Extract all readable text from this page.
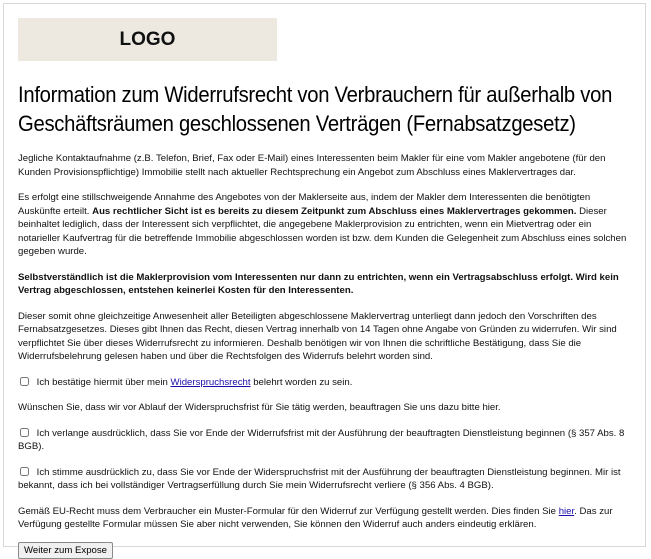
LOGO
Information zum Widerrufsrecht von Verbrauchern für außerhalb von Geschäftsräumen geschlossenen Verträgen (Fernabsatzgesetz)

Jegliche Kontaktaufnahme (z.B. Telefon, Brief, Fax oder E-Mail) eines Interessenten beim Makler für eine vom Makler angebotene (für den Kunden Provisionspflichtige) Immobilie stellt nach aktueller Rechtsprechung ein Angebot zum Abschluss eines Maklervertrages dar.

Es erfolgt eine stillschweigende Annahme des Angebotes von der Maklerseite aus, indem der Makler dem Interessenten die benötigten Auskünfte erteilt. Aus rechtlicher Sicht ist es bereits zu diesem Zeitpunkt zum Abschluss eines Maklervertrages gekommen. Dieser beinhaltet lediglich, dass der Interessent sich verpflichtet, die angegebene Maklerprovision zu entrichten, wenn ein Mietvertrag oder ein notarieller Kaufvertrag für die betreffende Immobilie abgeschlossen worden ist bzw. dem Kunden die Gelegenheit zum Abschluss eines solchen gegeben wurde.

Selbstverständlich ist die Maklerprovision vom Interessenten nur dann zu entrichten, wenn ein Vertragsabschluss erfolgt. Wird kein Vertrag abgeschlossen, entstehen keinerlei Kosten für den Interessenten.

Dieser somit ohne gleichzeitige Anwesenheit aller Beteiligten abgeschlossene Maklervertrag unterliegt dann jedoch den Vorschriften des Fernabsatzgesetzes. Dieses gibt Ihnen das Recht, diesen Vertrag innerhalb von 14 Tagen ohne Angabe von Gründen zu widerrufen. Wir sind verpflichtet Sie über dieses Widerrufsrecht zu informieren. Deshalb benötigen wir von Ihnen die schriftliche Bestätigung, dass Sie die Widerrufsbelehrung gelesen haben und über die Rechtsfolgen des Widerrufs belehrt worden sind.

Ich bestätige hiermit über mein Widerspruchsrecht belehrt worden zu sein.

Wünschen Sie, dass wir vor Ablauf der Widerspruchsfrist für Sie tätig werden, beauftragen Sie uns dazu bitte hier.

Ich verlange ausdrücklich, dass Sie vor Ende der Widerrufsfrist mit der Ausführung der beauftragten Dienstleistung beginnen (§ 357 Abs. 8 BGB).
Ich stimme ausdrücklich zu, dass Sie vor Ende der Widerspruchsfrist mit der Ausführung der beauftragten Dienstleistung beginnen. Mir ist bekannt, dass ich bei vollständiger Vertragserfüllung durch Sie mein Widerrufsrecht verliere (§ 356 Abs. 4 BGB).

Gemäß EU-Recht muss dem Verbraucher ein Muster-Formular für den Widerruf zur Verfügung gestellt werden. Dies finden Sie hier. Das zur Verfügung gestellte Formular müssen Sie aber nicht verwenden, Sie können den Widerruf auch anders eindeutig erklären.

Weiter zum Expose
